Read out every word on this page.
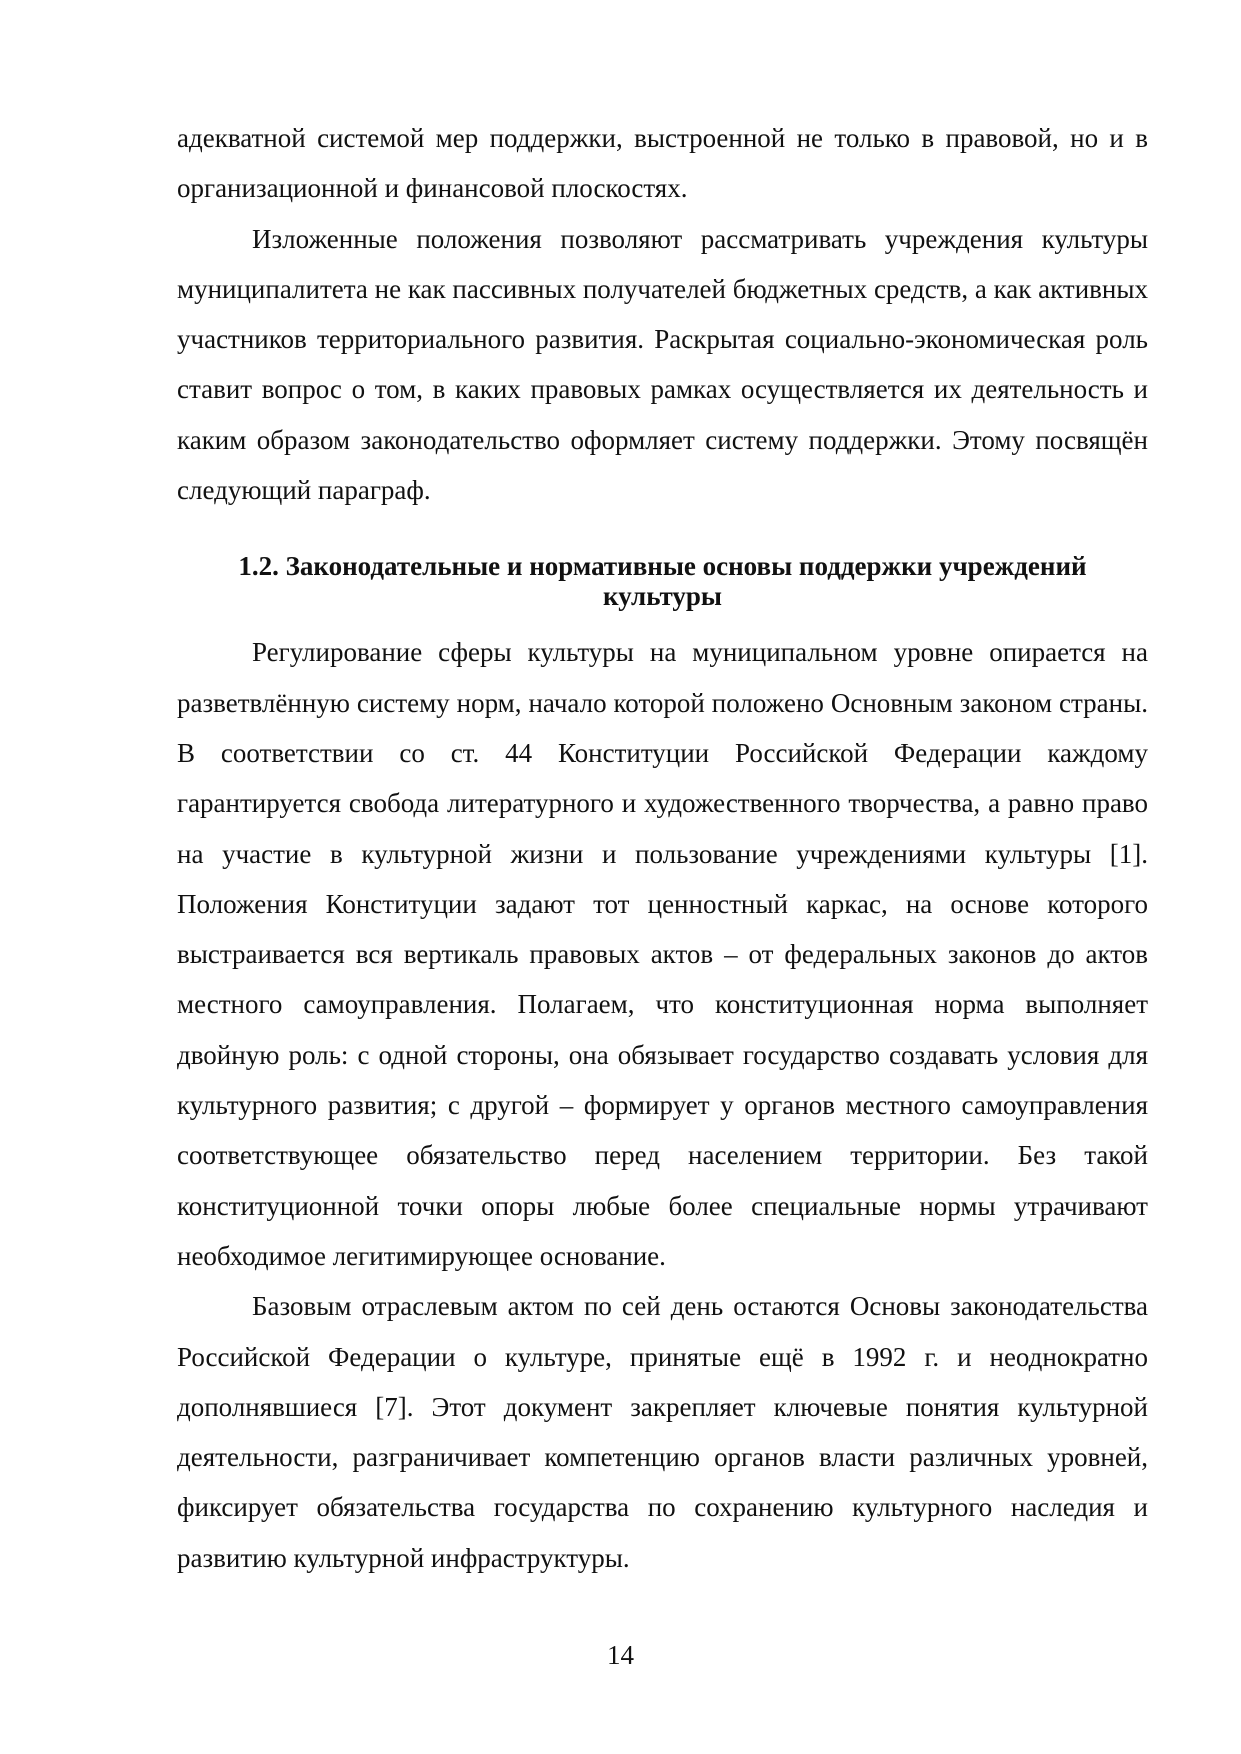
адекватной системой мер поддержки, выстроенной не только в правовой, но и в организационной и финансовой плоскостях.

Изложенные положения позволяют рассматривать учреждения культуры муниципалитета не как пассивных получателей бюджетных средств, а как активных участников территориального развития. Раскрытая социально-экономическая роль ставит вопрос о том, в каких правовых рамках осуществляется их деятельность и каким образом законодательство оформляет систему поддержки. Этому посвящён следующий параграф.

1.2. Законодательные и нормативные основы поддержки учреждений культуры

Регулирование сферы культуры на муниципальном уровне опирается на разветвлённую систему норм, начало которой положено Основным законом страны. В соответствии со ст. 44 Конституции Российской Федерации каждому гарантируется свобода литературного и художественного творчества, а равно право на участие в культурной жизни и пользование учреждениями культуры [1]. Положения Конституции задают тот ценностный каркас, на основе которого выстраивается вся вертикаль правовых актов – от федеральных законов до актов местного самоуправления. Полагаем, что конституционная норма выполняет двойную роль: с одной стороны, она обязывает государство создавать условия для культурного развития; с другой – формирует у органов местного самоуправления соответствующее обязательство перед населением территории. Без такой конституционной точки опоры любые более специальные нормы утрачивают необходимое легитимирующее основание.

Базовым отраслевым актом по сей день остаются Основы законодательства Российской Федерации о культуре, принятые ещё в 1992 г. и неоднократно дополнявшиеся [7]. Этот документ закрепляет ключевые понятия культурной деятельности, разграничивает компетенцию органов власти различных уровней, фиксирует обязательства государства по сохранению культурного наследия и развитию культурной инфраструктуры.

14
